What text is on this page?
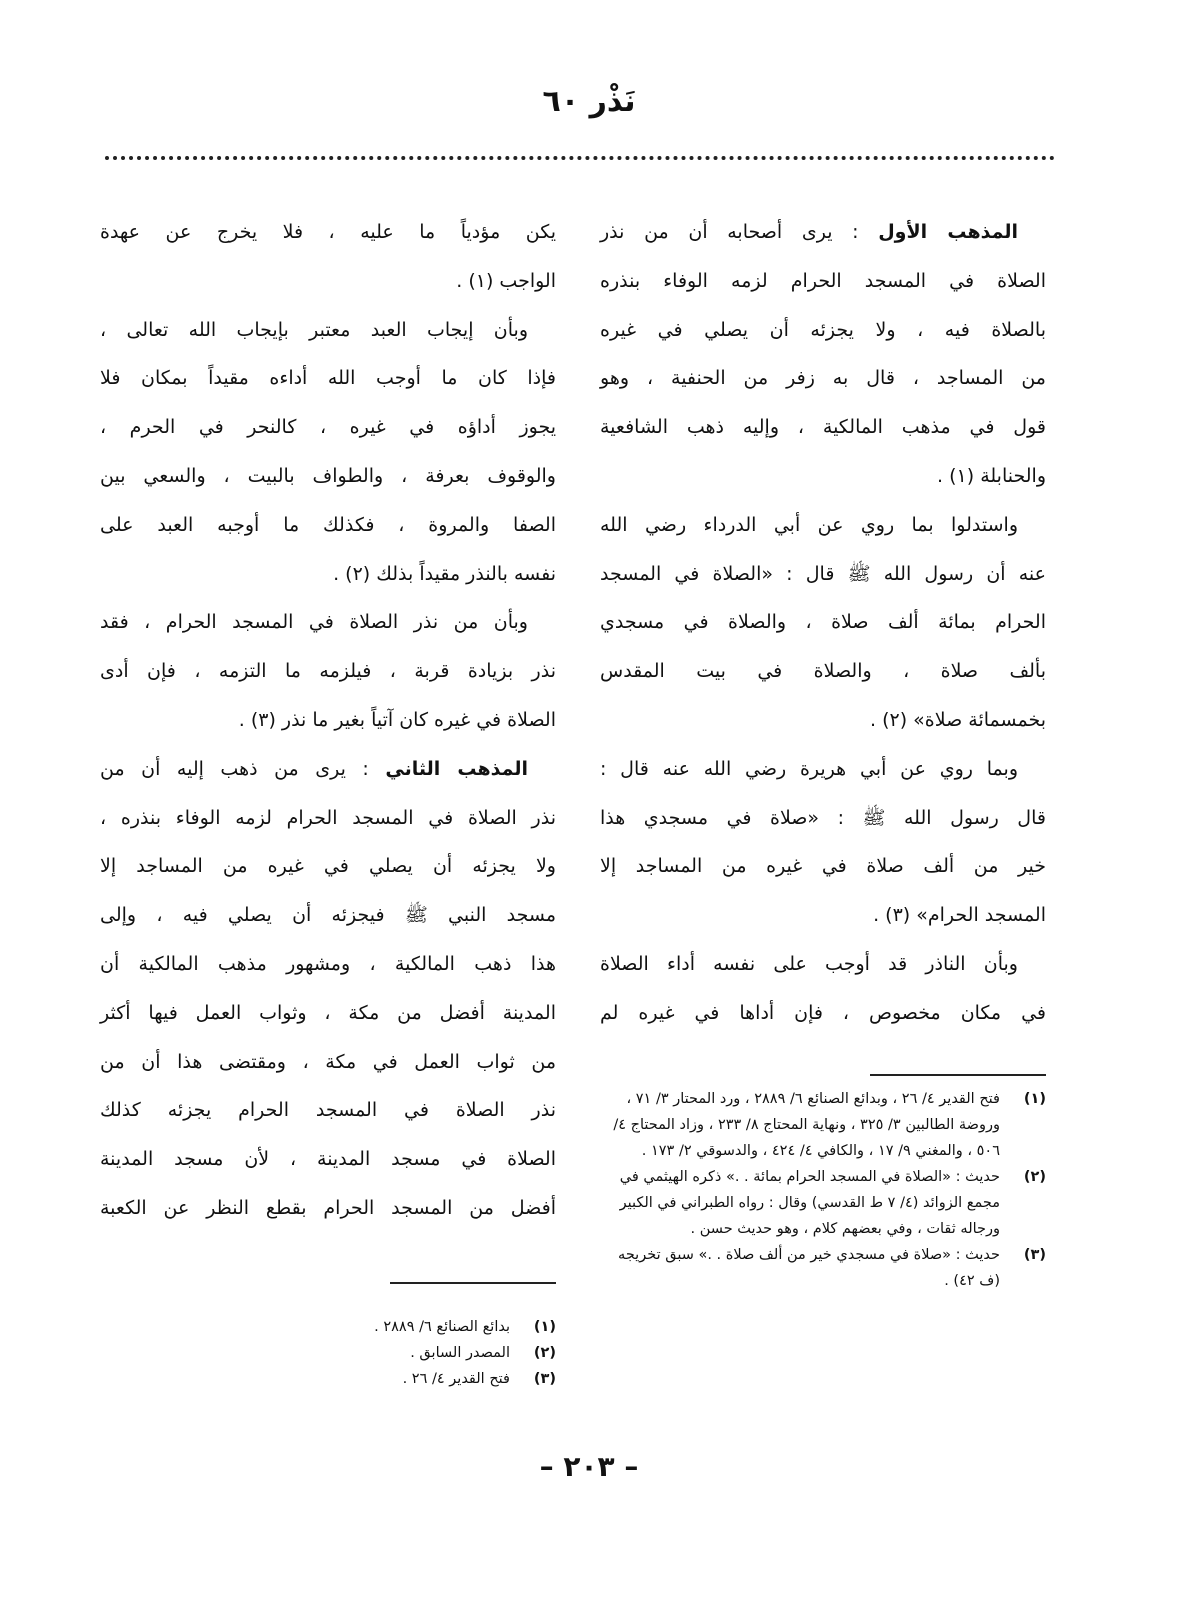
نَذْر ٦٠
المذهب الأول : يرى أصحابه أن من نذر
الصلاة في المسجد الحرام لزمه الوفاء بنذره
بالصلاة فيه ، ولا يجزئه أن يصلي في غيره
من المساجد ، قال به زفر من الحنفية ، وهو
قول في مذهب المالكية ، وإليه ذهب الشافعية
والحنابلة (١) .
واستدلوا بما روي عن أبي الدرداء رضي الله
عنه أن رسول الله ﷺ قال : «الصلاة في المسجد
الحرام بمائة ألف صلاة ، والصلاة في مسجدي
بألف صلاة ، والصلاة في بيت المقدس
بخمسمائة صلاة» (٢) .
وبما روي عن أبي هريرة رضي الله عنه قال :
قال رسول الله ﷺ : «صلاة في مسجدي هذا
خير من ألف صلاة في غيره من المساجد إلا
المسجد الحرام» (٣) .
وبأن الناذر قد أوجب على نفسه أداء الصلاة
في مكان مخصوص ، فإن أداها في غيره لم
يكن مؤدياً ما عليه ، فلا يخرج عن عهدة
الواجب (١) .
وبأن إيجاب العبد معتبر بإيجاب الله تعالى ،
فإذا كان ما أوجب الله أداءه مقيداً بمكان فلا
يجوز أداؤه في غيره ، كالنحر في الحرم ،
والوقوف بعرفة ، والطواف بالبيت ، والسعي بين
الصفا والمروة ، فكذلك ما أوجبه العبد على
نفسه بالنذر مقيداً بذلك (٢) .
وبأن من نذر الصلاة في المسجد الحرام ، فقد
نذر بزيادة قربة ، فيلزمه ما التزمه ، فإن أدى
الصلاة في غيره كان آتياً بغير ما نذر (٣) .
المذهب الثاني : يرى من ذهب إليه أن من
نذر الصلاة في المسجد الحرام لزمه الوفاء بنذره ،
ولا يجزئه أن يصلي في غيره من المساجد إلا
مسجد النبي ﷺ فيجزئه أن يصلي فيه ، وإلى
هذا ذهب المالكية ، ومشهور مذهب المالكية أن
المدينة أفضل من مكة ، وثواب العمل فيها أكثر
من ثواب العمل في مكة ، ومقتضى هذا أن من
نذر الصلاة في المسجد الحرام يجزئه كذلك
الصلاة في مسجد المدينة ، لأن مسجد المدينة
أفضل من المسجد الحرام بقطع النظر عن الكعبة
(١)
فتح القدير ٤/ ٢٦ ، وبدائع الصنائع ٦/ ٢٨٨٩ ، ورد المحتار ٣/ ٧١ ، وروضة الطالبين ٣/ ٣٢٥ ، ونهاية المحتاج ٨/ ٢٣٣ ، وزاد المحتاج ٤/ ٥٠٦ ، والمغني ٩/ ١٧ ، والكافي ٤/ ٤٢٤ ، والدسوقي ٢/ ١٧٣ .
(٢)
حديث : «الصلاة في المسجد الحرام بمائة . .» ذكره الهيثمي في مجمع الزوائد (٤/ ٧ ط القدسي) وقال : رواه الطبراني في الكبير ورجاله ثقات ، وفي بعضهم كلام ، وهو حديث حسن .
(٣)
حديث : «صلاة في مسجدي خير من ألف صلاة . .» سبق تخريجه (ف ٤٢) .
(١)
بدائع الصنائع ٦/ ٢٨٨٩ .
(٢)
المصدر السابق .
(٣)
فتح القدير ٤/ ٢٦ .
– ٢٠٣ –
